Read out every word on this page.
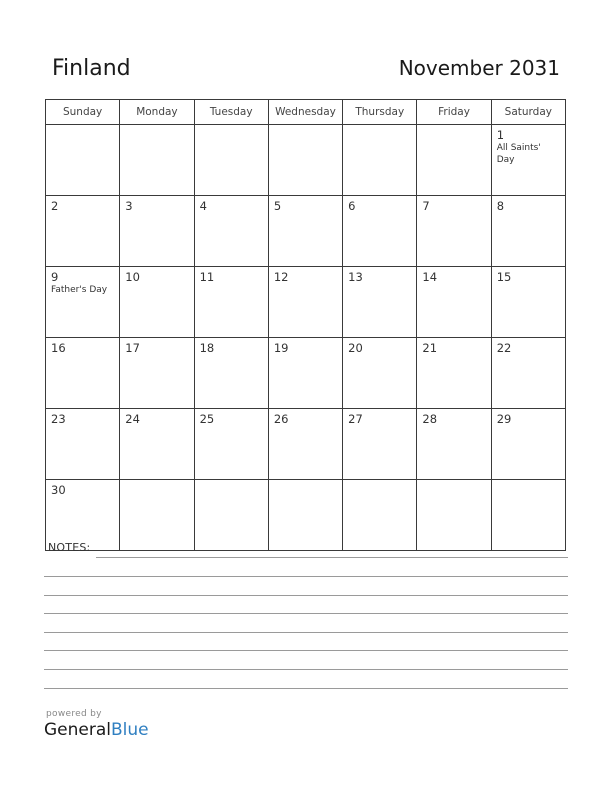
Finland	November 2031
Sunday	Monday	Tuesday	Wednesday	Thursday	Friday	Saturday

						1
All Saints' Day

2	3	4	5	6	7	8

9
Father's Day	10	11	12	13	14	15

16	17	18	19	20	21	22

23	24	25	26	27	28	29

30						

NOTES:
powered by
GeneralBlue
